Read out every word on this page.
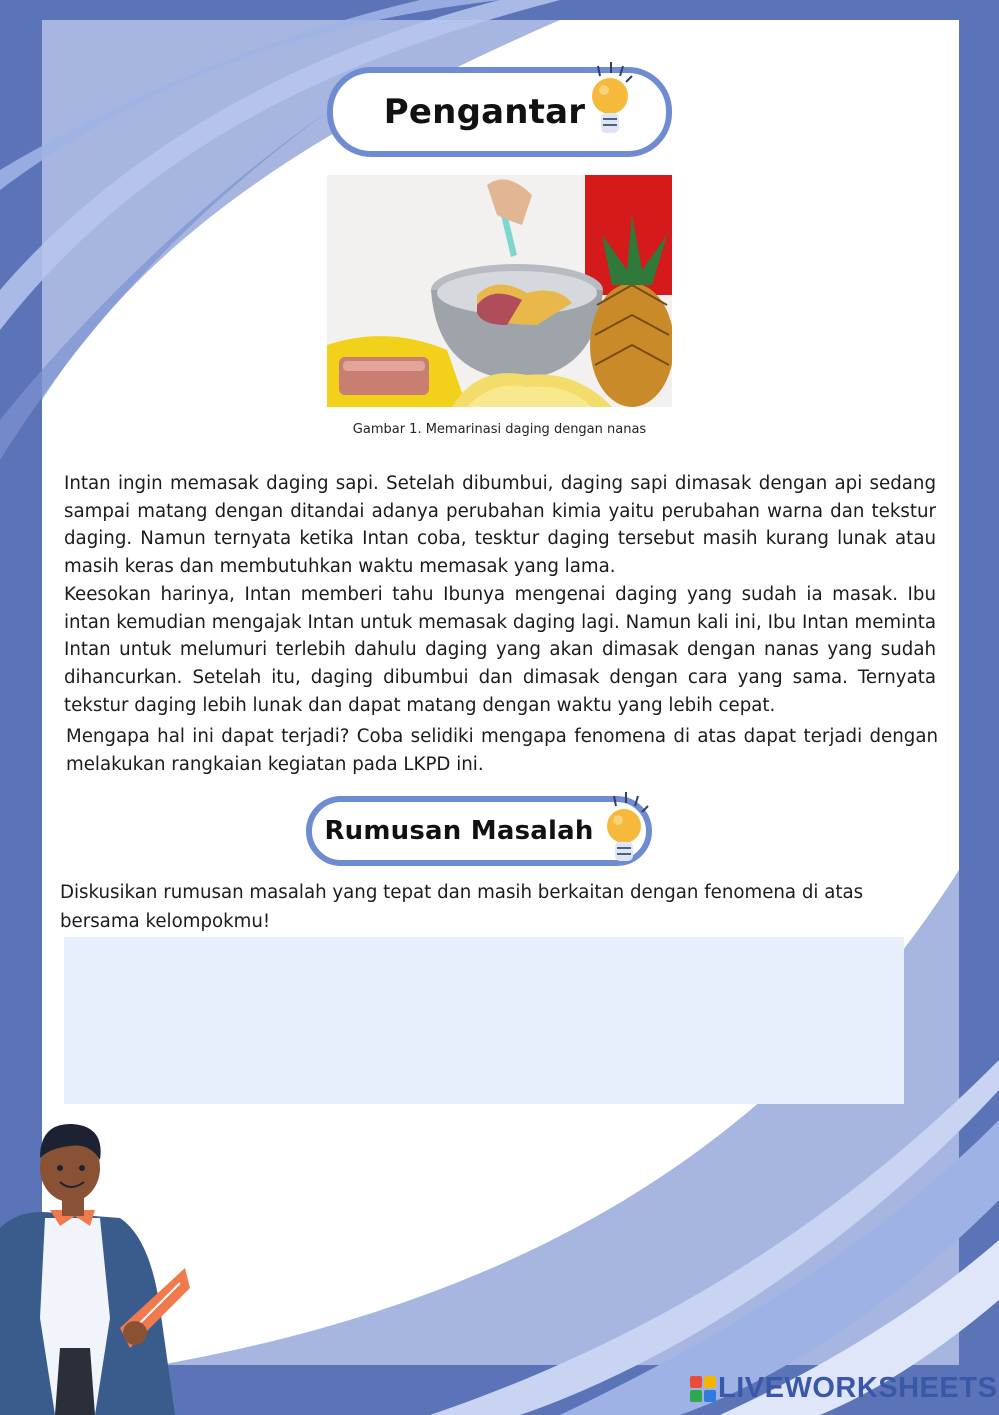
Pengantar
Gambar 1. Memarinasi daging dengan nanas

Intan ingin memasak daging sapi. Setelah dibumbui, daging sapi dimasak dengan api sedang sampai matang dengan ditandai adanya perubahan kimia yaitu perubahan warna dan tekstur daging. Namun ternyata ketika Intan coba, tesktur daging tersebut masih kurang lunak atau masih keras dan membutuhkan waktu memasak yang lama.

Keesokan harinya, Intan memberi tahu Ibunya mengenai daging yang sudah ia masak. Ibu intan kemudian mengajak Intan untuk memasak daging lagi. Namun kali ini, Ibu Intan meminta Intan untuk melumuri terlebih dahulu daging yang akan dimasak dengan nanas yang sudah dihancurkan. Setelah itu, daging dibumbui dan dimasak dengan cara yang sama. Ternyata tekstur daging lebih lunak dan dapat matang dengan waktu yang lebih cepat.

Mengapa hal ini dapat terjadi? Coba selidiki mengapa fenomena di atas dapat terjadi dengan melakukan rangkaian kegiatan pada LKPD ini.

Rumusan Masalah

Diskusikan rumusan masalah yang tepat dan masih berkaitan dengan fenomena di atas bersama kelompokmu!

LIVEWORKSHEETS
